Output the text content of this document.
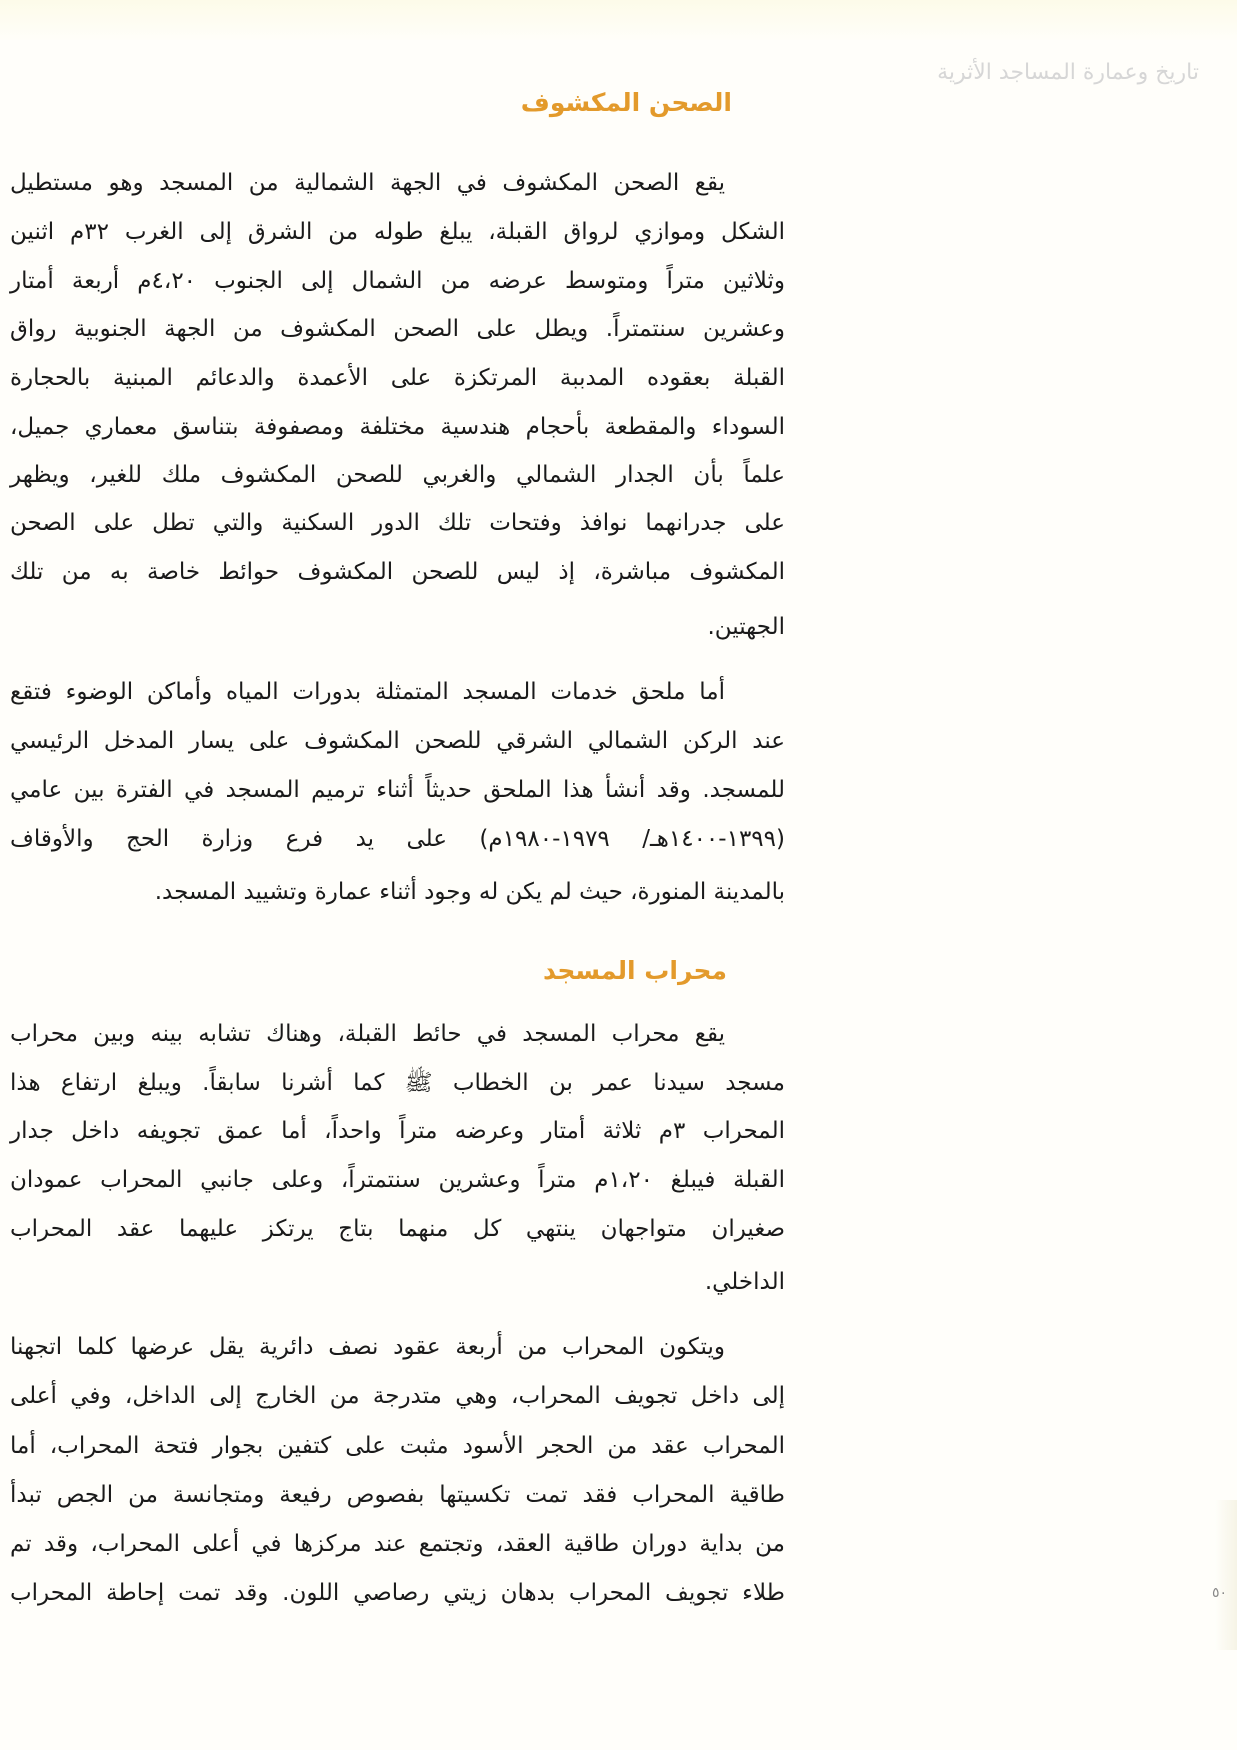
تاريخ وعمارة المساجد الأثرية
الصحن المكشوف
يقع الصحن المكشوف في الجهة الشمالية من المسجد وهو مستطيل
الشكل وموازي لرواق القبلة، يبلغ طوله من الشرق إلى الغرب ٣٢م اثنين
وثلاثين متراً ومتوسط عرضه من الشمال إلى الجنوب ٤،٢٠م أربعة أمتار
وعشرين سنتمتراً. ويطل على الصحن المكشوف من الجهة الجنوبية رواق
القبلة بعقوده المدببة المرتكزة على الأعمدة والدعائم المبنية بالحجارة
السوداء والمقطعة بأحجام هندسية مختلفة ومصفوفة بتناسق معماري جميل،
علماً بأن الجدار الشمالي والغربي للصحن المكشوف ملك للغير، ويظهر
على جدرانهما نوافذ وفتحات تلك الدور السكنية والتي تطل على الصحن
المكشوف مباشرة، إذ ليس للصحن المكشوف حوائط خاصة به من تلك
الجهتين.
أما ملحق خدمات المسجد المتمثلة بدورات المياه وأماكن الوضوء فتقع
عند الركن الشمالي الشرقي للصحن المكشوف على يسار المدخل الرئيسي
للمسجد. وقد أنشأ هذا الملحق حديثاً أثناء ترميم المسجد في الفترة بين عامي
(١٣٩٩-١٤٠٠هـ/ ١٩٧٩-١٩٨٠م) على يد فرع وزارة الحج والأوقاف
بالمدينة المنورة، حيث لم يكن له وجود أثناء عمارة وتشييد المسجد.
محراب المسجد
يقع محراب المسجد في حائط القبلة، وهناك تشابه بينه وبين محراب
مسجد سيدنا عمر بن الخطاب ﷺ كما أشرنا سابقاً. ويبلغ ارتفاع هذا
المحراب ٣م ثلاثة أمتار وعرضه متراً واحداً، أما عمق تجويفه داخل جدار
القبلة فيبلغ ١،٢٠م متراً وعشرين سنتمتراً، وعلى جانبي المحراب عمودان
صغيران متواجهان ينتهي كل منهما بتاج يرتكز عليهما عقد المحراب
الداخلي.
ويتكون المحراب من أربعة عقود نصف دائرية يقل عرضها كلما اتجهنا
إلى داخل تجويف المحراب، وهي متدرجة من الخارج إلى الداخل، وفي أعلى
المحراب عقد من الحجر الأسود مثبت على كتفين بجوار فتحة المحراب، أما
طاقية المحراب فقد تمت تكسيتها بفصوص رفيعة ومتجانسة من الجص تبدأ
من بداية دوران طاقية العقد، وتجتمع عند مركزها في أعلى المحراب، وقد تم
طلاء تجويف المحراب بدهان زيتي رصاصي اللون. وقد تمت إحاطة المحراب	٥٠
